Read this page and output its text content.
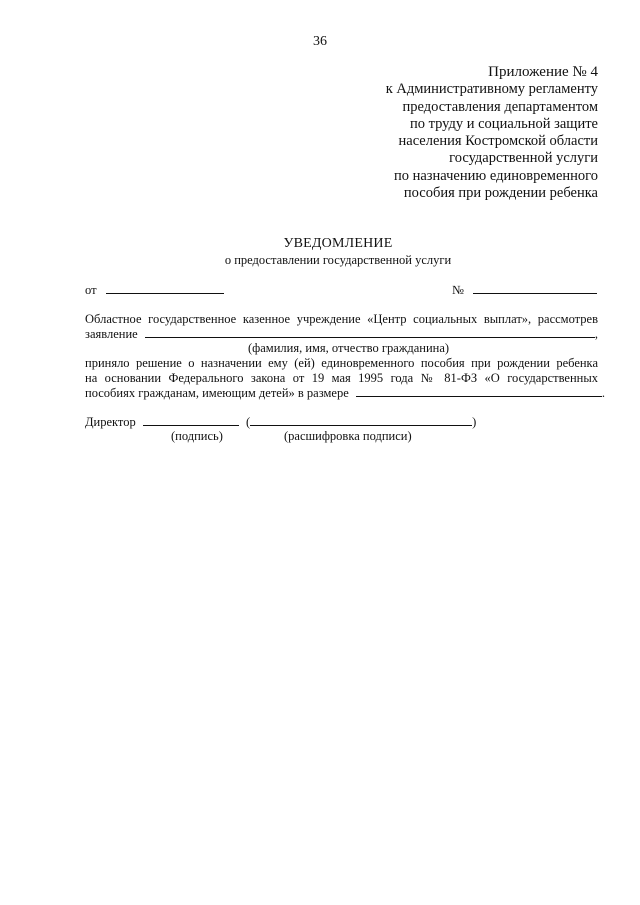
36
Приложение № 4
к Административному регламенту
предоставления департаментом
по труду и социальной защите
населения Костромской области
государственной услуги
по назначению единовременного
пособия при рождении ребенка
УВЕДОМЛЕНИЕ
о предоставлении государственной услуги
от	№
Областное государственное казенное учреждение «Центр социальных выплат», рассмотрев
заявление	,
(фамилия, имя, отчество гражданина)
приняло решение о назначении ему (ей) единовременного пособия при рождении ребенка
на основании Федерального закона от 19 мая 1995 года № 81-ФЗ «О государственных
пособиях гражданам, имеющим детей» в размере	.
Директор	(	)
(подпись)	(расшифровка подписи)
